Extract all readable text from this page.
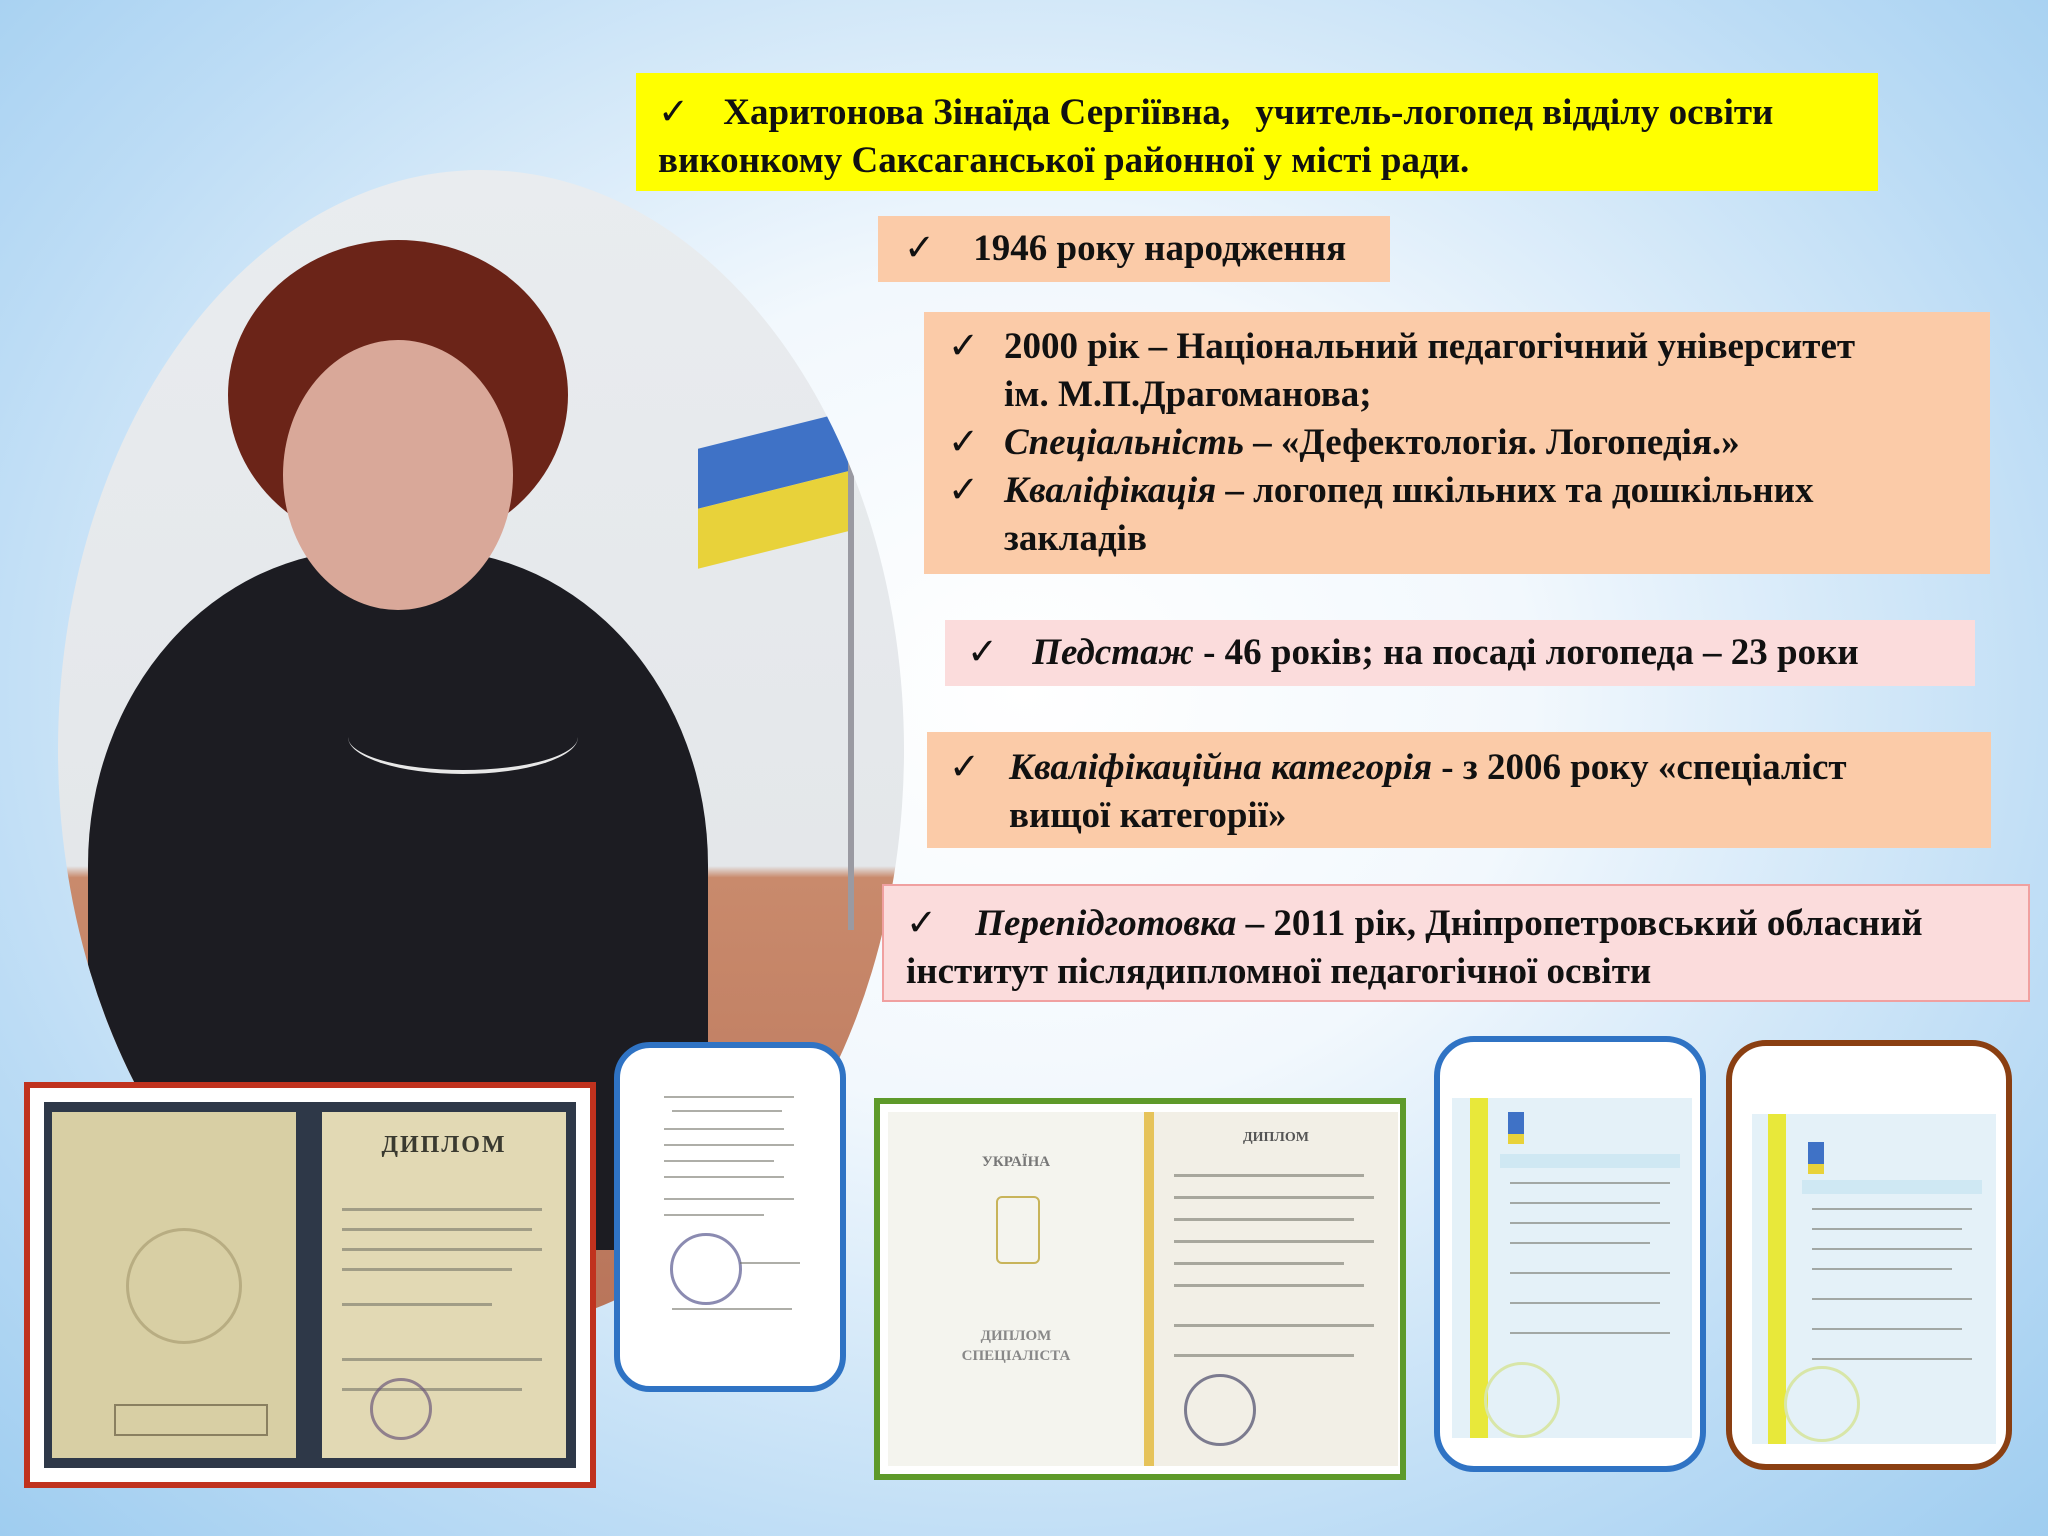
✓ Харитонова Зінаїда Сергіївна, учитель-логопед відділу освіти
виконкому Саксаганської районної у місті ради.
✓ 1946 року народження
✓ 2000 рік – Національний педагогічний університет
ім. М.П.Драгоманова;
✓ Спеціальність – «Дефектологія. Логопедія.»
✓ Кваліфікація – логопед шкільних та дошкільних
закладів
✓ Педстаж - 46 років; на посаді логопеда – 23 роки
✓ Кваліфікаційна категорія - з 2006 року «спеціаліст
вищої категорії»
✓ Перепідготовка – 2011 рік, Дніпропетровський обласний
інститут післядипломної педагогічної освіти
ДИПЛОМ
УКРАЇНА
ДИПЛОМ
СПЕЦІАЛІСТА
ДИПЛОМ
